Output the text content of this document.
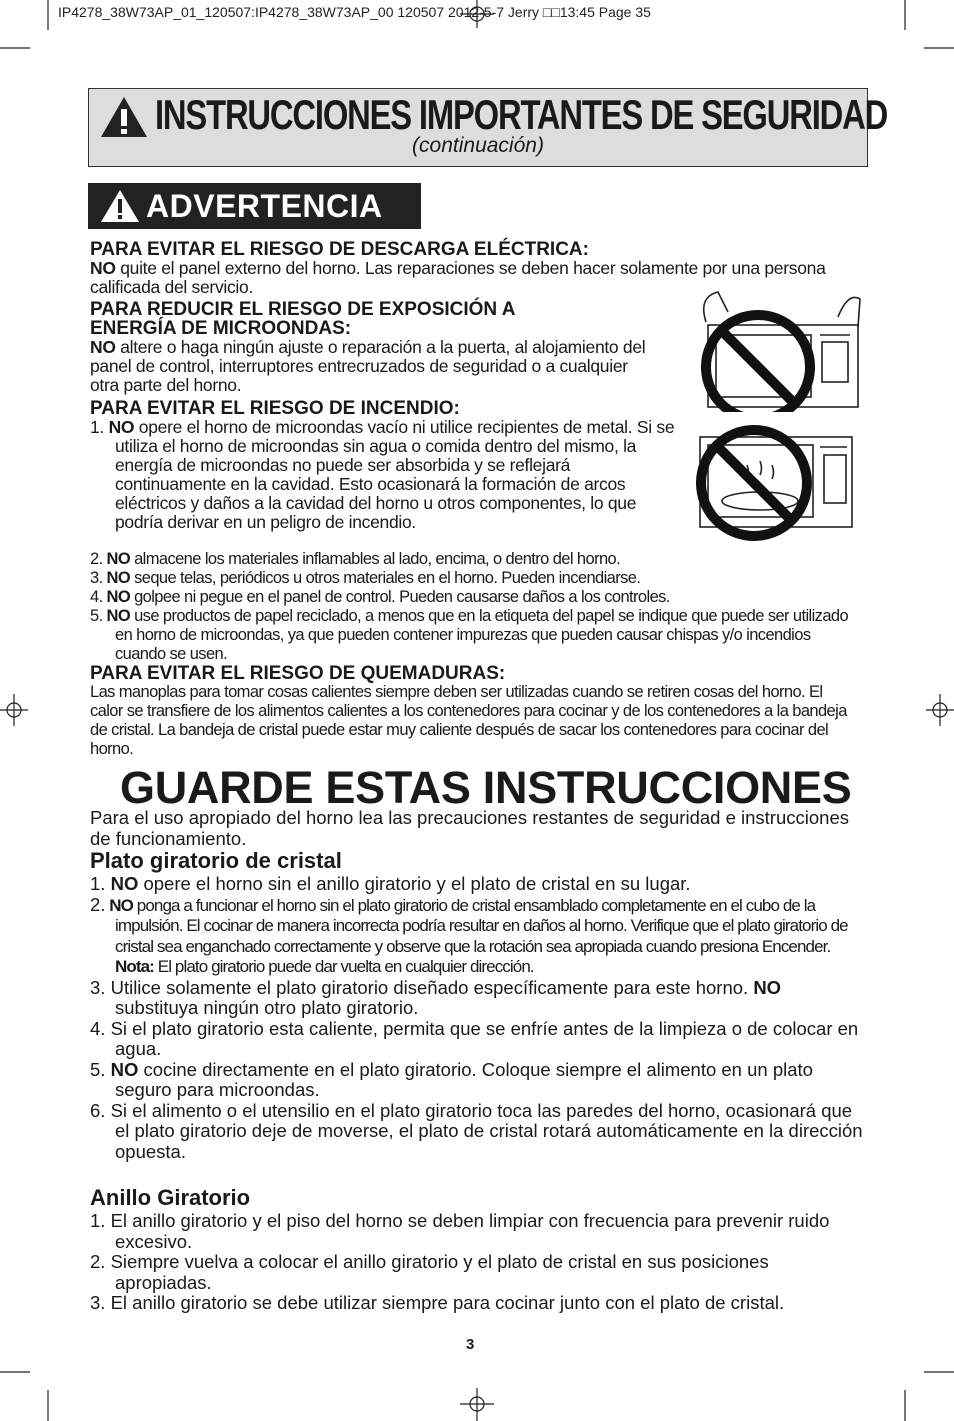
IP4278_38W73AP_01_120507:IP4278_38W73AP_00 120507 2012-5-7 Jerry □□13:45 Page 35
INSTRUCCIONES IMPORTANTES DE SEGURIDAD
(continuación)
ADVERTENCIA
PARA EVITAR EL RIESGO DE DESCARGA ELÉCTRICA:
NO quite el panel externo del horno. Las reparaciones se deben hacer solamente por una persona calificada del servicio.
PARA REDUCIR EL RIESGO DE EXPOSICIÓN A
ENERGÍA DE MICROONDAS:
NO altere o haga ningún ajuste o reparación a la puerta, al alojamiento del panel de control, interruptores entrecruzados de seguridad o a cualquier otra parte del horno.
PARA EVITAR EL RIESGO DE INCENDIO:
1. NO opere el horno de microondas vacío ni utilice recipientes de metal. Si se utiliza el horno de microondas sin agua o comida dentro del mismo, la energía de microondas no puede ser absorbida y se reflejará continuamente en la cavidad. Esto ocasionará la formación de arcos eléctricos y daños a la cavidad del horno u otros componentes, lo que podría derivar en un peligro de incendio.
2. NO almacene los materiales inflamables al lado, encima, o dentro del horno.
3. NO seque telas, periódicos u otros materiales en el horno. Pueden incendiarse.
4. NO golpee ni pegue en el panel de control. Pueden causarse daños a los controles.
5. NO use productos de papel reciclado, a menos que en la etiqueta del papel se indique que puede ser utilizado en horno de microondas, ya que pueden contener impurezas que pueden causar chispas y/o incendios cuando se usen.
PARA EVITAR EL RIESGO DE QUEMADURAS:
Las manoplas para tomar cosas calientes siempre deben ser utilizadas cuando se retiren cosas del horno. El calor se transfiere de los alimentos calientes a los contenedores para cocinar y de los contenedores a la bandeja de cristal. La bandeja de cristal puede estar muy caliente después de sacar los contenedores para cocinar del horno.
GUARDE ESTAS INSTRUCCIONES
Para el uso apropiado del horno lea las precauciones restantes de seguridad e instrucciones de funcionamiento.
Plato giratorio de cristal
1. NO opere el horno sin el anillo giratorio y el plato de cristal en su lugar.
2. NO ponga a funcionar el horno sin el plato giratorio de cristal ensamblado completamente en el cubo de la impulsión. El cocinar de manera incorrecta podría resultar en daños al horno. Verifique que el plato giratorio de cristal sea enganchado correctamente y observe que la rotación sea apropiada cuando presiona Encender. Nota: El plato giratorio puede dar vuelta en cualquier dirección.
3. Utilice solamente el plato giratorio diseñado específicamente para este horno. NO substituya ningún otro plato giratorio.
4. Si el plato giratorio esta caliente, permita que se enfríe antes de la limpieza o de colocar en agua.
5. NO cocine directamente en el plato giratorio. Coloque siempre el alimento en un plato seguro para microondas.
6. Si el alimento o el utensilio en el plato giratorio toca las paredes del horno, ocasionará que el plato giratorio deje de moverse, el plato de cristal rotará automáticamente en la dirección opuesta.
Anillo Giratorio
1. El anillo giratorio y el piso del horno se deben limpiar con frecuencia para prevenir ruido excesivo.
2. Siempre vuelva a colocar el anillo giratorio y el plato de cristal en sus posiciones apropiadas.
3. El anillo giratorio se debe utilizar siempre para cocinar junto con el plato de cristal.
3
